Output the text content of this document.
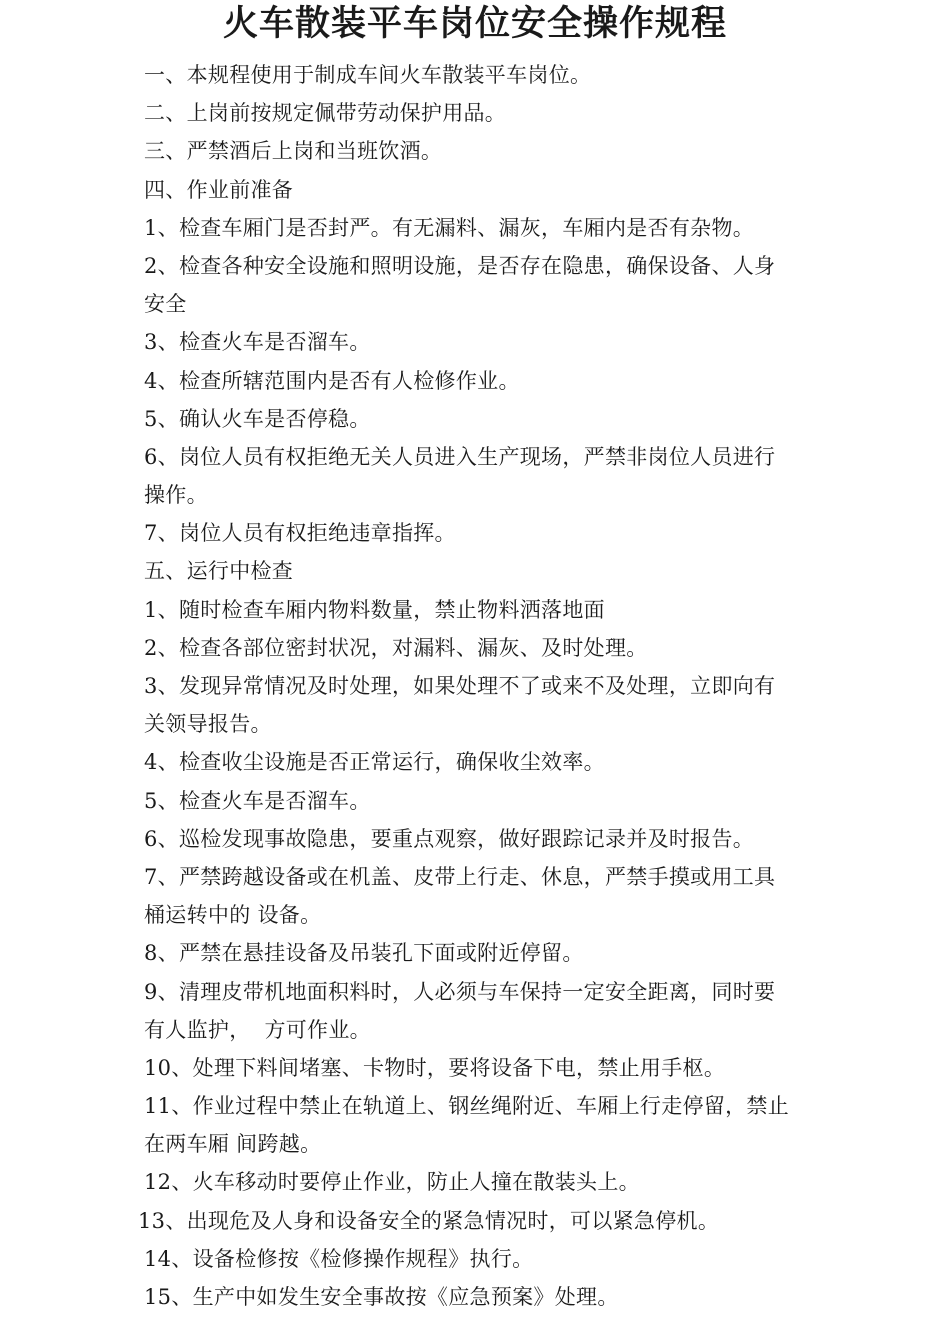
火车散装平车岗位安全操作规程
一、本规程使用于制成车间火车散装平车岗位。
二、上岗前按规定佩带劳动保护用品。
三、严禁酒后上岗和当班饮酒。
四、作业前准备
1、检查车厢门是否封严。有无漏料、漏灰，车厢内是否有杂物。
2、检查各种安全设施和照明设施，是否存在隐患，确保设备、人身
安全
3、检查火车是否溜车。
4、检查所辖范围内是否有人检修作业。
5、确认火车是否停稳。
6、岗位人员有权拒绝无关人员进入生产现场，严禁非岗位人员进行
操作。
7、岗位人员有权拒绝违章指挥。
五、运行中检查
1、随时检查车厢内物料数量，禁止物料洒落地面
2、检查各部位密封状况，对漏料、漏灰、及时处理。
3、发现异常情况及时处理，如果处理不了或来不及处理，立即向有
关领导报告。
4、检查收尘设施是否正常运行，确保收尘效率。
5、检查火车是否溜车。
6、巡检发现事故隐患，要重点观察，做好跟踪记录并及时报告。
7、严禁跨越设备或在机盖、皮带上行走、休息，严禁手摸或用工具
桶运转中的 设备。
8、严禁在悬挂设备及吊装孔下面或附近停留。
9、清理皮带机地面积料时，人必须与车保持一定安全距离，同时要
有人监护，  方可作业。
10、处理下料间堵塞、卡物时，要将设备下电，禁止用手枢。
11、作业过程中禁止在轨道上、钢丝绳附近、车厢上行走停留，禁止
在两车厢 间跨越。
12、火车移动时要停止作业，防止人撞在散装头上。
13、出现危及人身和设备安全的紧急情况时，可以紧急停机。
14、设备检修按《检修操作规程》执行。
15、生产中如发生安全事故按《应急预案》处理。
